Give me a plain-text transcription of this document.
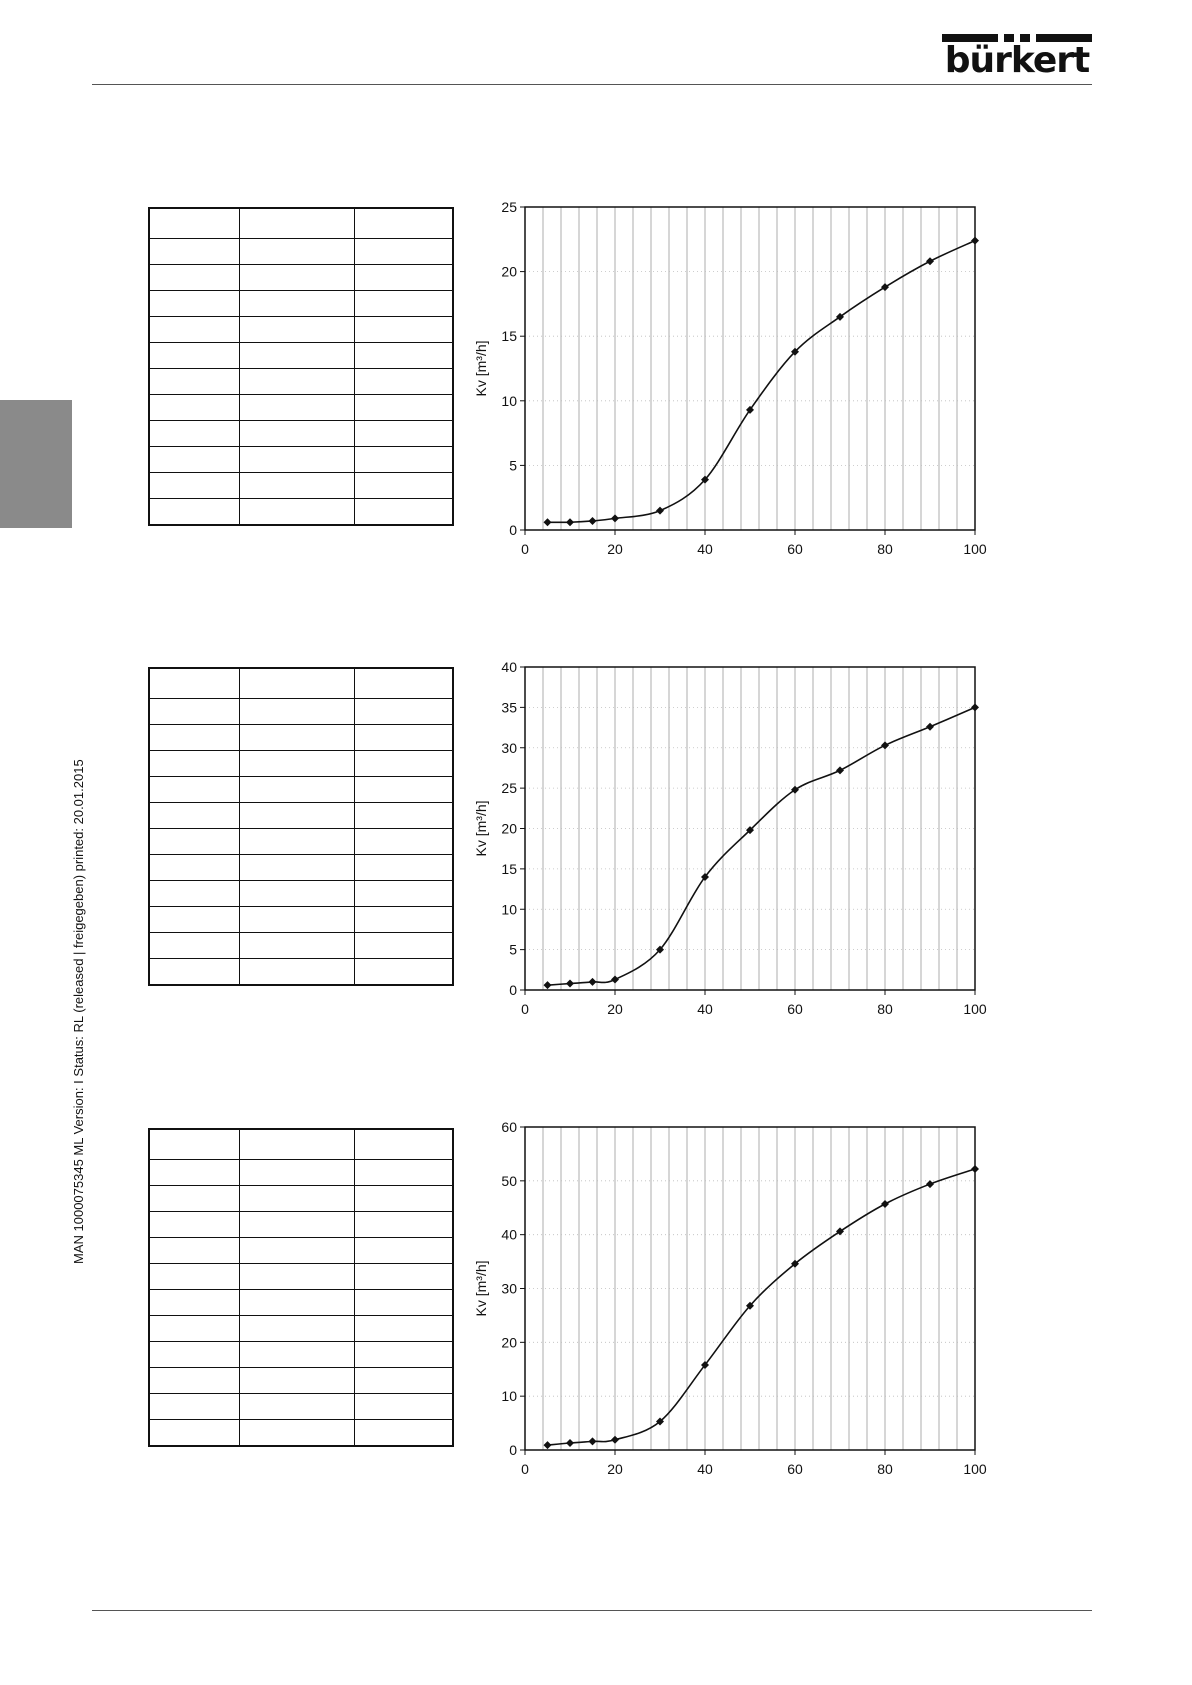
bürkert
MAN 1000075345 ML Version: I Status: RL (released | freigegeben) printed: 20.01.2015

0
5
10
15
20
25
0	20	40	60	80	100
Kv [m³/h]
0
5
10
15
20
25
30
35
40
0	20	40	60	80	100
Kv [m³/h]
0
10
20
30
40
50
60
0	20	40	60	80	100
Kv [m³/h]
